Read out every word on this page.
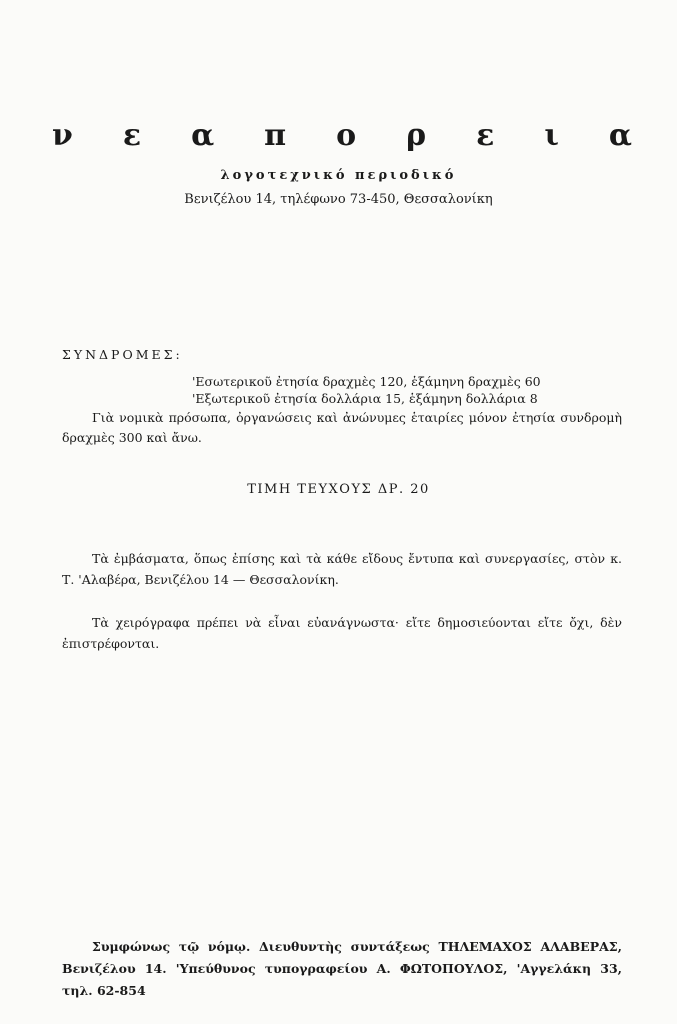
ν ε α π ο ρ ε ι α
λογοτεχνικό περιοδικό
Βενιζέλου 14, τηλέφωνο 73-450, Θεσσαλονίκη
ΣΥΝΔΡΟΜΕΣ:
'Εσωτερικοῦ ἐτησία δραχμὲς 120, ἑξάμηνη δραχμὲς 60
'Εξωτερικοῦ ἐτησία δολλάρια 15, ἑξάμηνη δολλάρια 8
Γιὰ νομικὰ πρόσωπα, ὀργανώσεις καὶ ἀνώνυμες ἑταιρίες μόνον ἐτησία συνδρομὴ δραχμὲς 300 καὶ ἄνω.
ΤΙΜΗ ΤΕΥΧΟΥΣ ΔΡ. 20
Τὰ ἐμβάσματα, ὅπως ἐπίσης καὶ τὰ κάθε εἴδους ἔντυπα καὶ συνεργασίες, στὸν κ. Τ. 'Αλαβέρα, Βενιζέλου 14 — Θεσσαλονίκη.
Τὰ χειρόγραφα πρέπει νὰ εἶναι εὐανάγνωστα· εἴτε δημοσιεύονται εἴτε ὄχι, δὲν ἐπιστρέφονται.
Συμφώνως τῷ νόμῳ. Διευθυντὴς συντάξεως ΤΗΛΕΜΑΧΟΣ ΑΛΑΒΕΡΑΣ, Βενιζέλου 14. 'Υπεύθυνος τυπογραφείου Α. ΦΩΤΟΠΟΥΛΟΣ, 'Αγγελάκη 33, τηλ. 62-854
